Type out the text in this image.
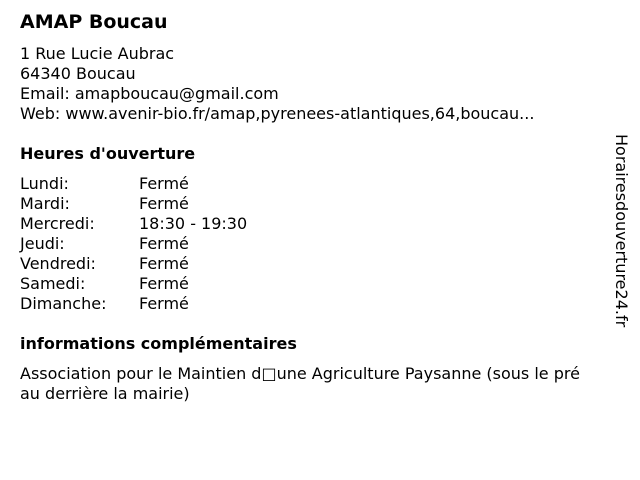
AMAP Boucau
1 Rue Lucie Aubrac
64340 Boucau
Email: amapboucau@gmail.com
Web: www.avenir-bio.fr/amap,pyrenees-atlantiques,64,boucau...
Heures d'ouverture
Lundi:	Fermé
Mardi:	Fermé
Mercredi:	18:30 - 19:30
Jeudi:	Fermé
Vendredi:	Fermé
Samedi:	Fermé
Dimanche: Fermé
informations complémentaires
Association pour le Maintien d□une Agriculture Paysanne (sous le pré
au derrière la mairie)
Horairesdouverture24.fr
